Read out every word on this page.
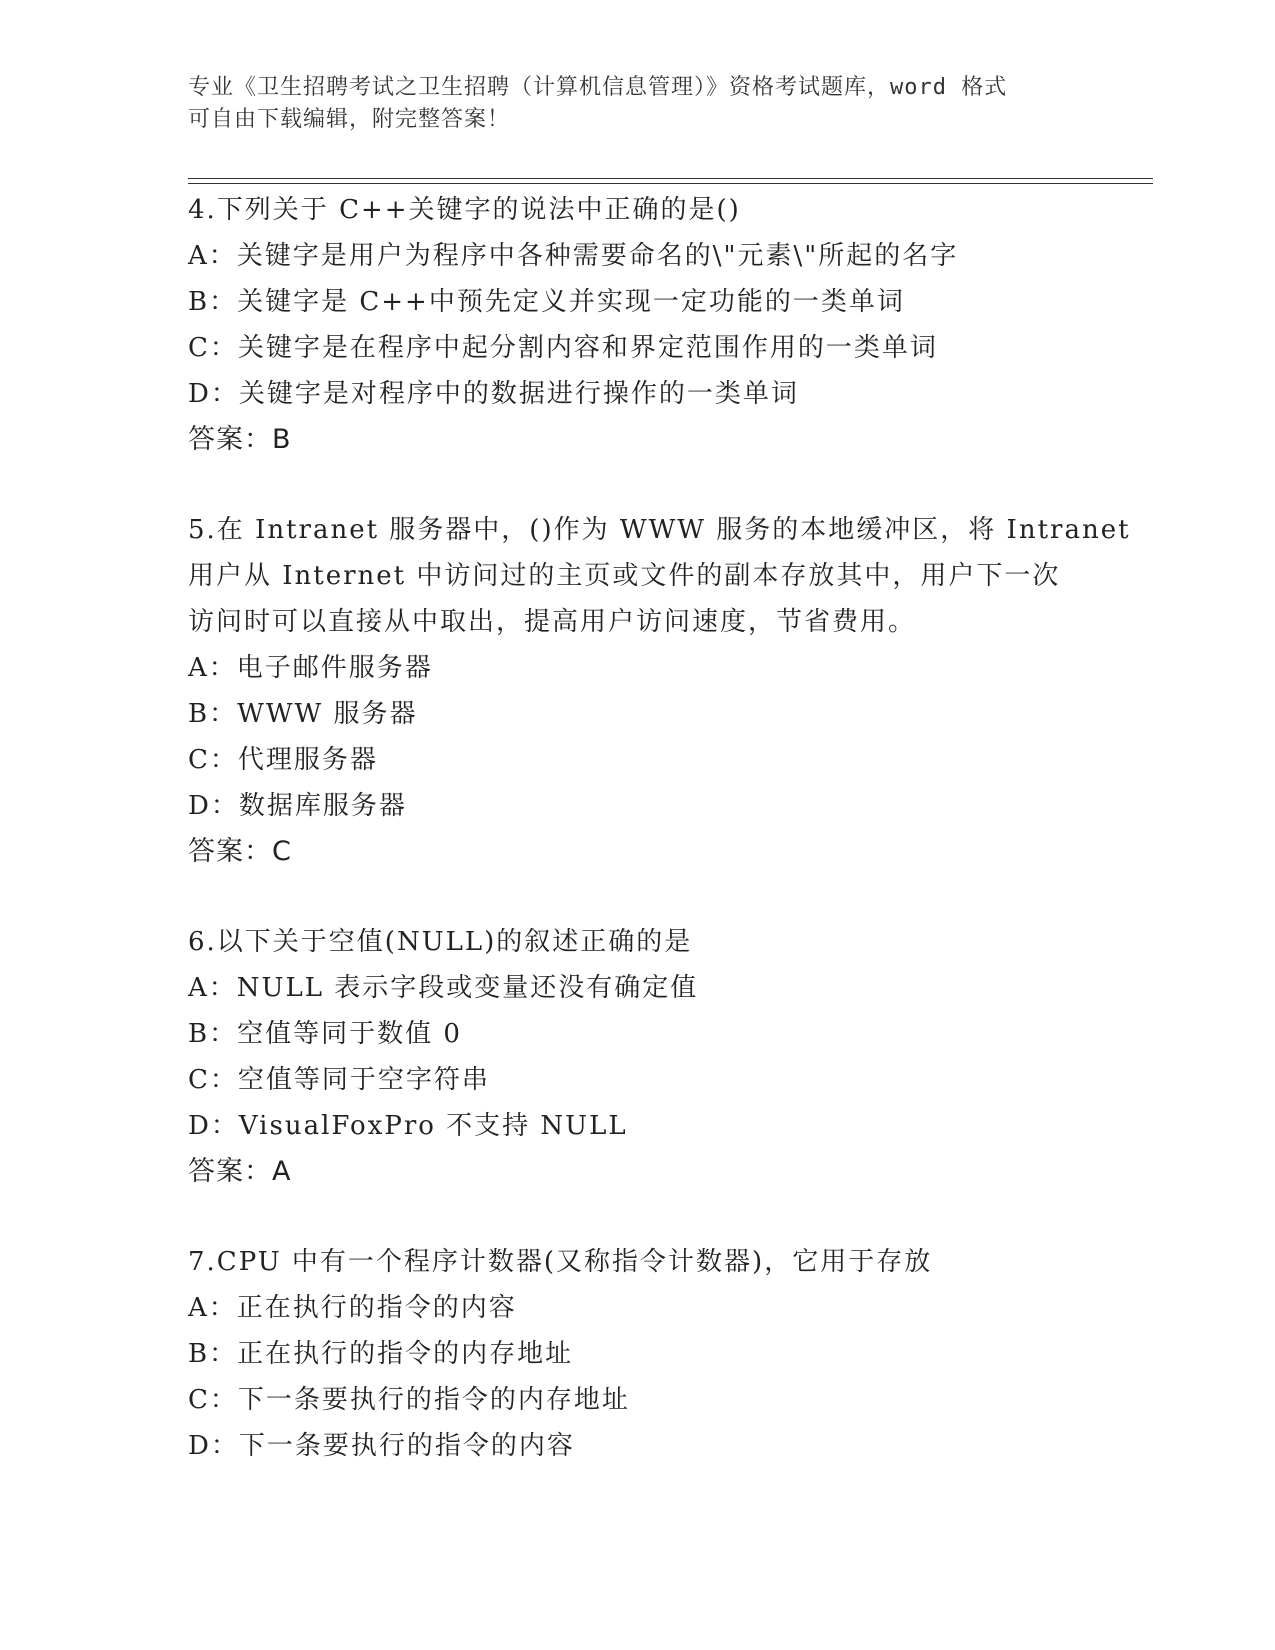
专业《卫生招聘考试之卫生招聘（计算机信息管理）》资格考试题库，word 格式
可自由下载编辑，附完整答案！
4.下列关于 C++关键字的说法中正确的是()
A：关键字是用户为程序中各种需要命名的\"元素\"所起的名字
B：关键字是 C++中预先定义并实现一定功能的一类单词
C：关键字是在程序中起分割内容和界定范围作用的一类单词
D：关键字是对程序中的数据进行操作的一类单词
答案：B
5.在 Intranet 服务器中，()作为 WWW 服务的本地缓冲区，将 Intranet
用户从 Internet 中访问过的主页或文件的副本存放其中，用户下一次
访问时可以直接从中取出，提高用户访问速度，节省费用。
A：电子邮件服务器
B：WWW 服务器
C：代理服务器
D：数据库服务器
答案：C
6.以下关于空值(NULL)的叙述正确的是
A：NULL 表示字段或变量还没有确定值
B：空值等同于数值 0
C：空值等同于空字符串
D：VisualFoxPro 不支持 NULL
答案：A
7.CPU 中有一个程序计数器(又称指令计数器)，它用于存放
A：正在执行的指令的内容
B：正在执行的指令的内存地址
C：下一条要执行的指令的内存地址
D：下一条要执行的指令的内容
